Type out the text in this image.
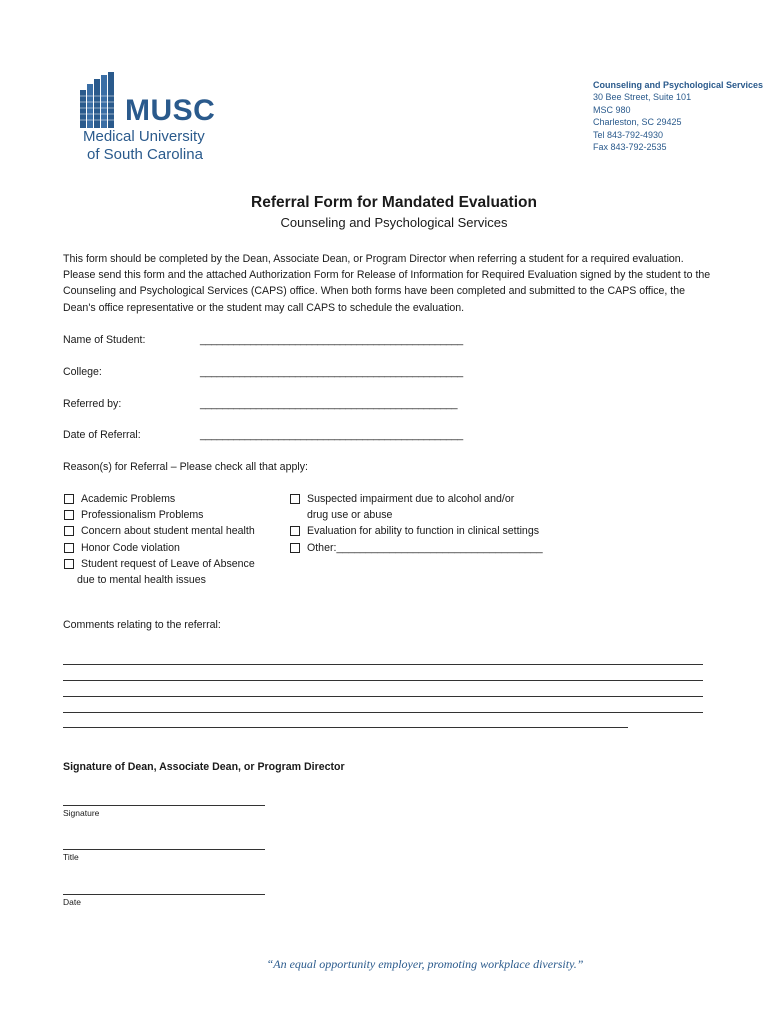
MUSC
Medical University
of South Carolina
Counseling and Psychological Services
30 Bee Street, Suite 101
MSC 980
Charleston, SC 29425
Tel 843-792-4930
Fax 843-792-2535
Referral Form for Mandated Evaluation
Counseling and Psychological Services
This form should be completed by the Dean, Associate Dean, or Program Director when referring a student for a required evaluation. Please send this form and the attached Authorization Form for Release of Information for Required Evaluation signed by the student to the Counseling and Psychological Services (CAPS) office. When both forms have been completed and submitted to the CAPS office, the Dean's office representative or the student may call CAPS to schedule the evaluation.
Name of Student:	_______________________________________________
College:	_______________________________________________
Referred by:	______________________________________________
Date of Referral:	_______________________________________________
Reason(s) for Referral – Please check all that apply:
Academic Problems
Professionalism Problems
Concern about student mental health
Honor Code violation
Student request of Leave of Absence
due to mental health issues
Suspected impairment due to alcohol and/or
drug use or abuse
Evaluation for ability to function in clinical settings
Other:___________________________________
Comments relating to the referral:
Signature of Dean, Associate Dean, or Program Director
Signature
Title
Date
“An equal opportunity employer, promoting workplace diversity.”
